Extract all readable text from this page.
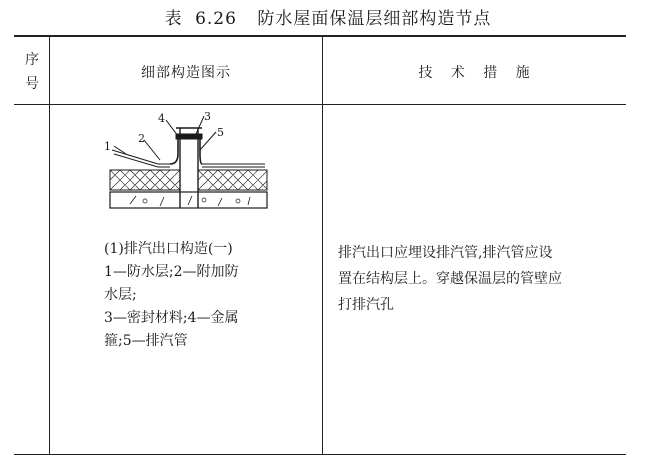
表 6.26 防水屋面保温层细部构造节点
序
号
细部构造图示	技 术 措 施
1
2
3
4
5
(1)排汽出口构造(一)
1—防水层;2—附加防
水层;
3—密封材料;4—金属
箍;5—排汽管
排汽出口应埋设排汽管,排汽管应设
置在结构层上。穿越保温层的管壁应
打排汽孔
